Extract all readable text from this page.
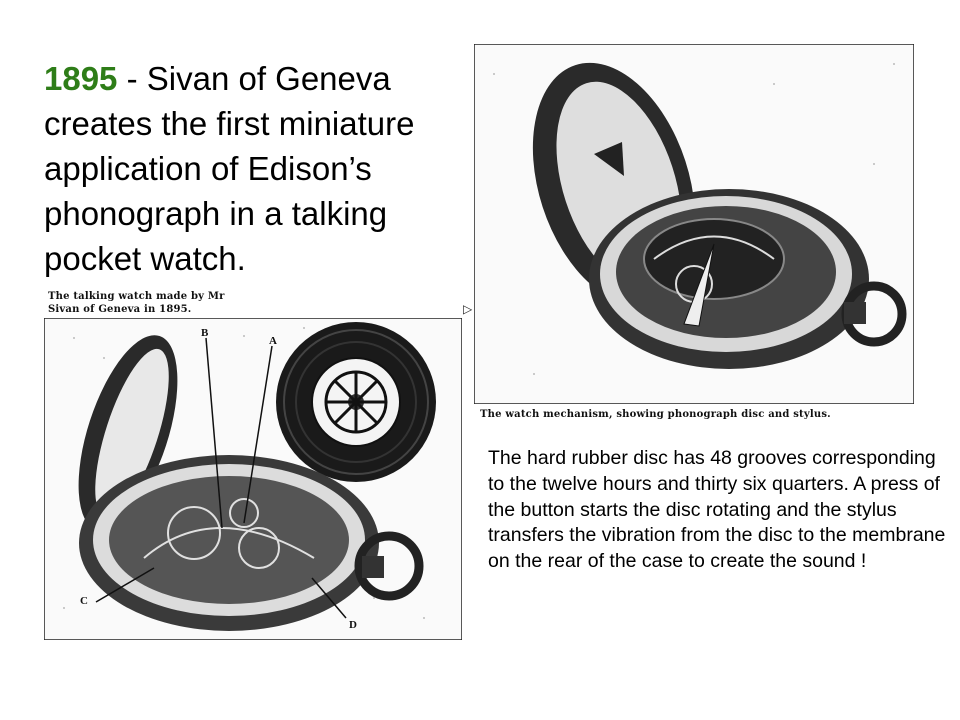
1895 - Sivan of Geneva creates the first miniature application of Edison’s phonograph in a talking pocket watch.
The talking watch made by Mr Sivan of Geneva in 1895.
B
A
C
D
▷
The watch mechanism, showing phonograph disc and stylus.

The hard rubber disc has 48 grooves corresponding to the twelve hours and thirty six quarters. A press of the button starts the disc rotating and the stylus transfers the vibration from the disc to the membrane on the rear of the case to create the sound !
